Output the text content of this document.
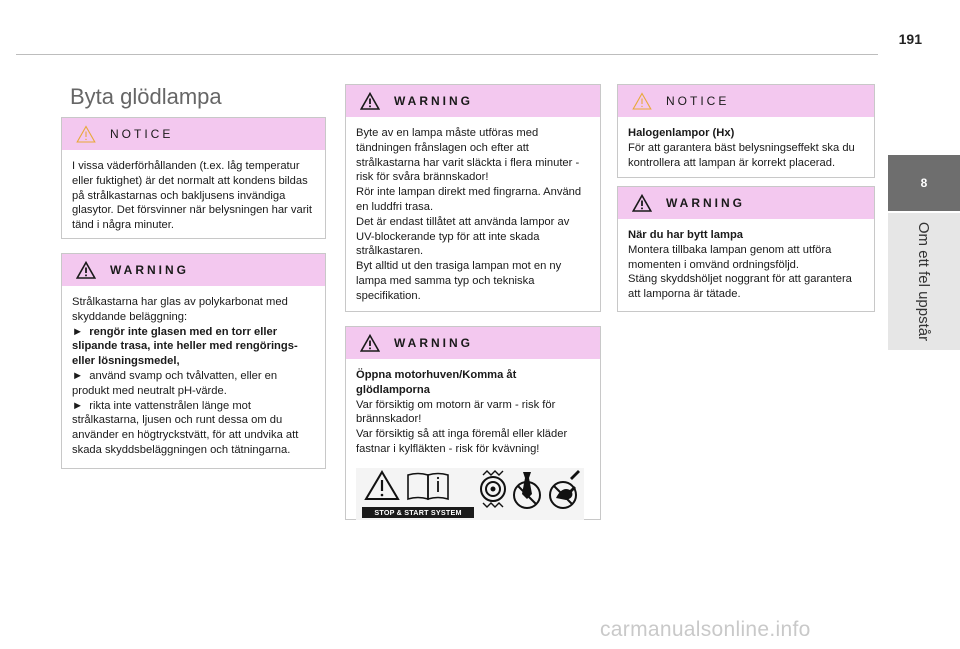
191
8
Om ett fel uppstår
Byta glödlampa
NOTICE

I vissa väderförhållanden (t.ex. låg temperatur eller fuktighet) är det normalt att kondens bildas på strålkastarnas och bakljusens invändiga glasytor. Det försvinner när belysningen har varit tänd i några minuter.

WARNING

Strålkastarna har glas av polykarbonat med skyddande beläggning:

► rengör inte glasen med en torr eller slipande trasa, inte heller med rengörings- eller lösningsmedel,

► använd svamp och tvålvatten, eller en produkt med neutralt pH-värde.

► rikta inte vattenstrålen länge mot strålkastarna, ljusen och runt dessa om du använder en högtryckstvätt, för att undvika att skada skyddsbeläggningen och tätningarna.

WARNING

Byte av en lampa måste utföras med tändningen frånslagen och efter att strålkastarna har varit släckta i flera minuter - risk för svåra brännskador!
Rör inte lampan direkt med fingrarna. Använd en luddfri trasa.
Det är endast tillåtet att använda lampor av UV-blockerande typ för att inte skada strålkastaren.
Byt alltid ut den trasiga lampan mot en ny lampa med samma typ och tekniska specifikation.

WARNING

Öppna motorhuven/Komma åt glödlamporna

Var försiktig om motorn är varm - risk för brännskador!
Var försiktig så att inga föremål eller kläder fastnar i kylfläkten - risk för kvävning!

STOP & START SYSTEM
NOTICE

Halogenlampor (Hx)

För att garantera bäst belysningseffekt ska du kontrollera att lampan är korrekt placerad.

WARNING

När du har bytt lampa

Montera tillbaka lampan genom att utföra momenten i omvänd ordningsföljd.
Stäng skyddshöljet noggrant för att garantera att lamporna är tätade.

carmanualsonline.info
